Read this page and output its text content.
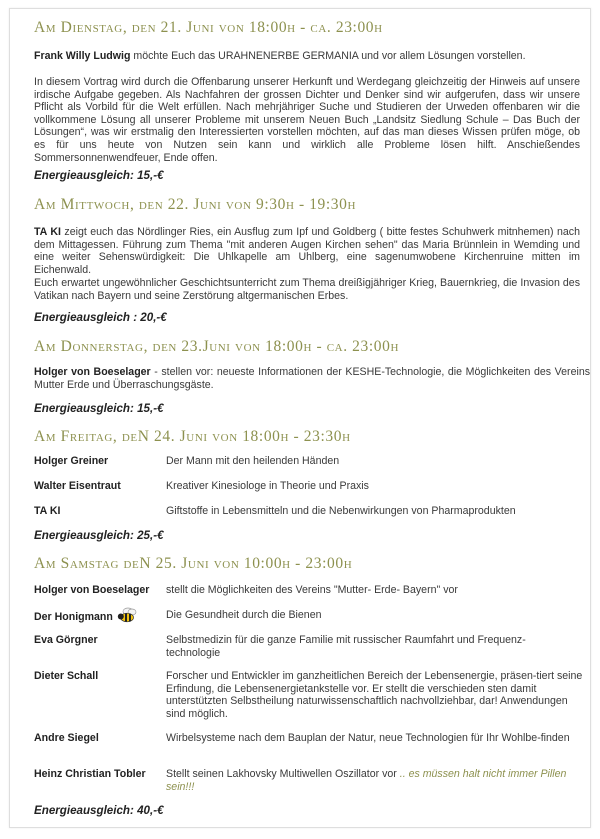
Am Dienstag, den 21. Juni von 18:00h - ca. 23:00h
Frank Willy Ludwig möchte Euch das URAHNENERBE GERMANIA und vor allem Lösungen vorstellen.
In diesem Vortrag wird durch die Offenbarung unserer Herkunft und Werdegang gleichzeitig der Hinweis auf unsere irdische Aufgabe gegeben. Als Nachfahren der grossen Dichter und Denker sind wir aufgerufen, dass wir unsere Pflicht als Vorbild für die Welt erfüllen. Nach mehrjähriger Suche und Studieren der Urweden offenbaren wir die vollkommene Lösung all unserer Probleme mit unserem Neuen Buch „Landsitz Siedlung Schule – Das Buch der Lösungen“, was wir erstmalig den Interessierten vorstellen möchten, auf das man dieses Wissen prüfen möge, ob es für uns heute von Nutzen sein kann und wirklich alle Probleme lösen hilft. Anschießendes Sommersonnenwendfeuer, Ende offen.
Energieausgleich: 15,-€
Am Mittwoch, den 22. Juni von 9:30h - 19:30h
TA KI zeigt euch das Nördlinger Ries, ein Ausflug zum Ipf und Goldberg ( bitte festes Schuhwerk mitnhemen) nach dem Mittagessen. Führung zum Thema "mit anderen Augen Kirchen sehen" das Maria Brünnlein in Wemding und eine weiter Sehenswürdigkeit: Die Uhlkapelle am Uhlberg, eine sagenumwobene Kirchenruine mitten im Eichenwald.
Euch erwartet ungewöhnlicher Geschichtsunterricht zum Thema dreißigjähriger Krieg, Bauernkrieg, die Invasion des Vatikan nach Bayern und seine Zerstörung altgermanischen Erbes.
Energieausgleich : 20,-€
Am Donnerstag, den 23.Juni von 18:00h - ca. 23:00h
Holger von Boeselager - stellen vor: neueste Informationen der KESHE-Technologie, die Möglichkeiten des Vereins Mutter Erde und Überraschungsgäste.
Energieausgleich: 15,-€
Am Freitag, deN 24. Juni von 18:00h - 23:30h
Holger Greiner	Der Mann mit den heilenden Händen
Walter Eisentraut	Kreativer Kinesiologe in Theorie und Praxis
TA KI	Giftstoffe in Lebensmitteln und die Nebenwirkungen von Pharmaprodukten
Energieausgleich: 25,-€
Am Samstag deN 25. Juni von 10:00h - 23:00h
Holger von Boeselager stellt die Möglichkeiten des Vereins "Mutter- Erde- Bayern" vor
Der Honigmann	Die Gesundheit durch die Bienen
Eva Görgner	Selbstmedizin für die ganze Familie mit russischer Raumfahrt und Frequenz-technologie
Dieter Schall	Forscher und Entwickler im ganzheitlichen Bereich der Lebensenergie, präsen-tiert seine Erfindung, die Lebensenergietankstelle vor. Er stellt die verschieden sten damit unterstützten Selbstheilung naturwissenschaftlich nachvollziehbar, dar! Anwendungen sind möglich.
Andre Siegel	Wirbelsysteme nach dem Bauplan der Natur, neue Technologien für Ihr Wohlbe-finden
Heinz Christian Tobler Stellt seinen Lakhovsky Multiwellen Oszillator vor .. es müssen halt nicht immer Pillen sein!!!
Energieausgleich: 40,-€
